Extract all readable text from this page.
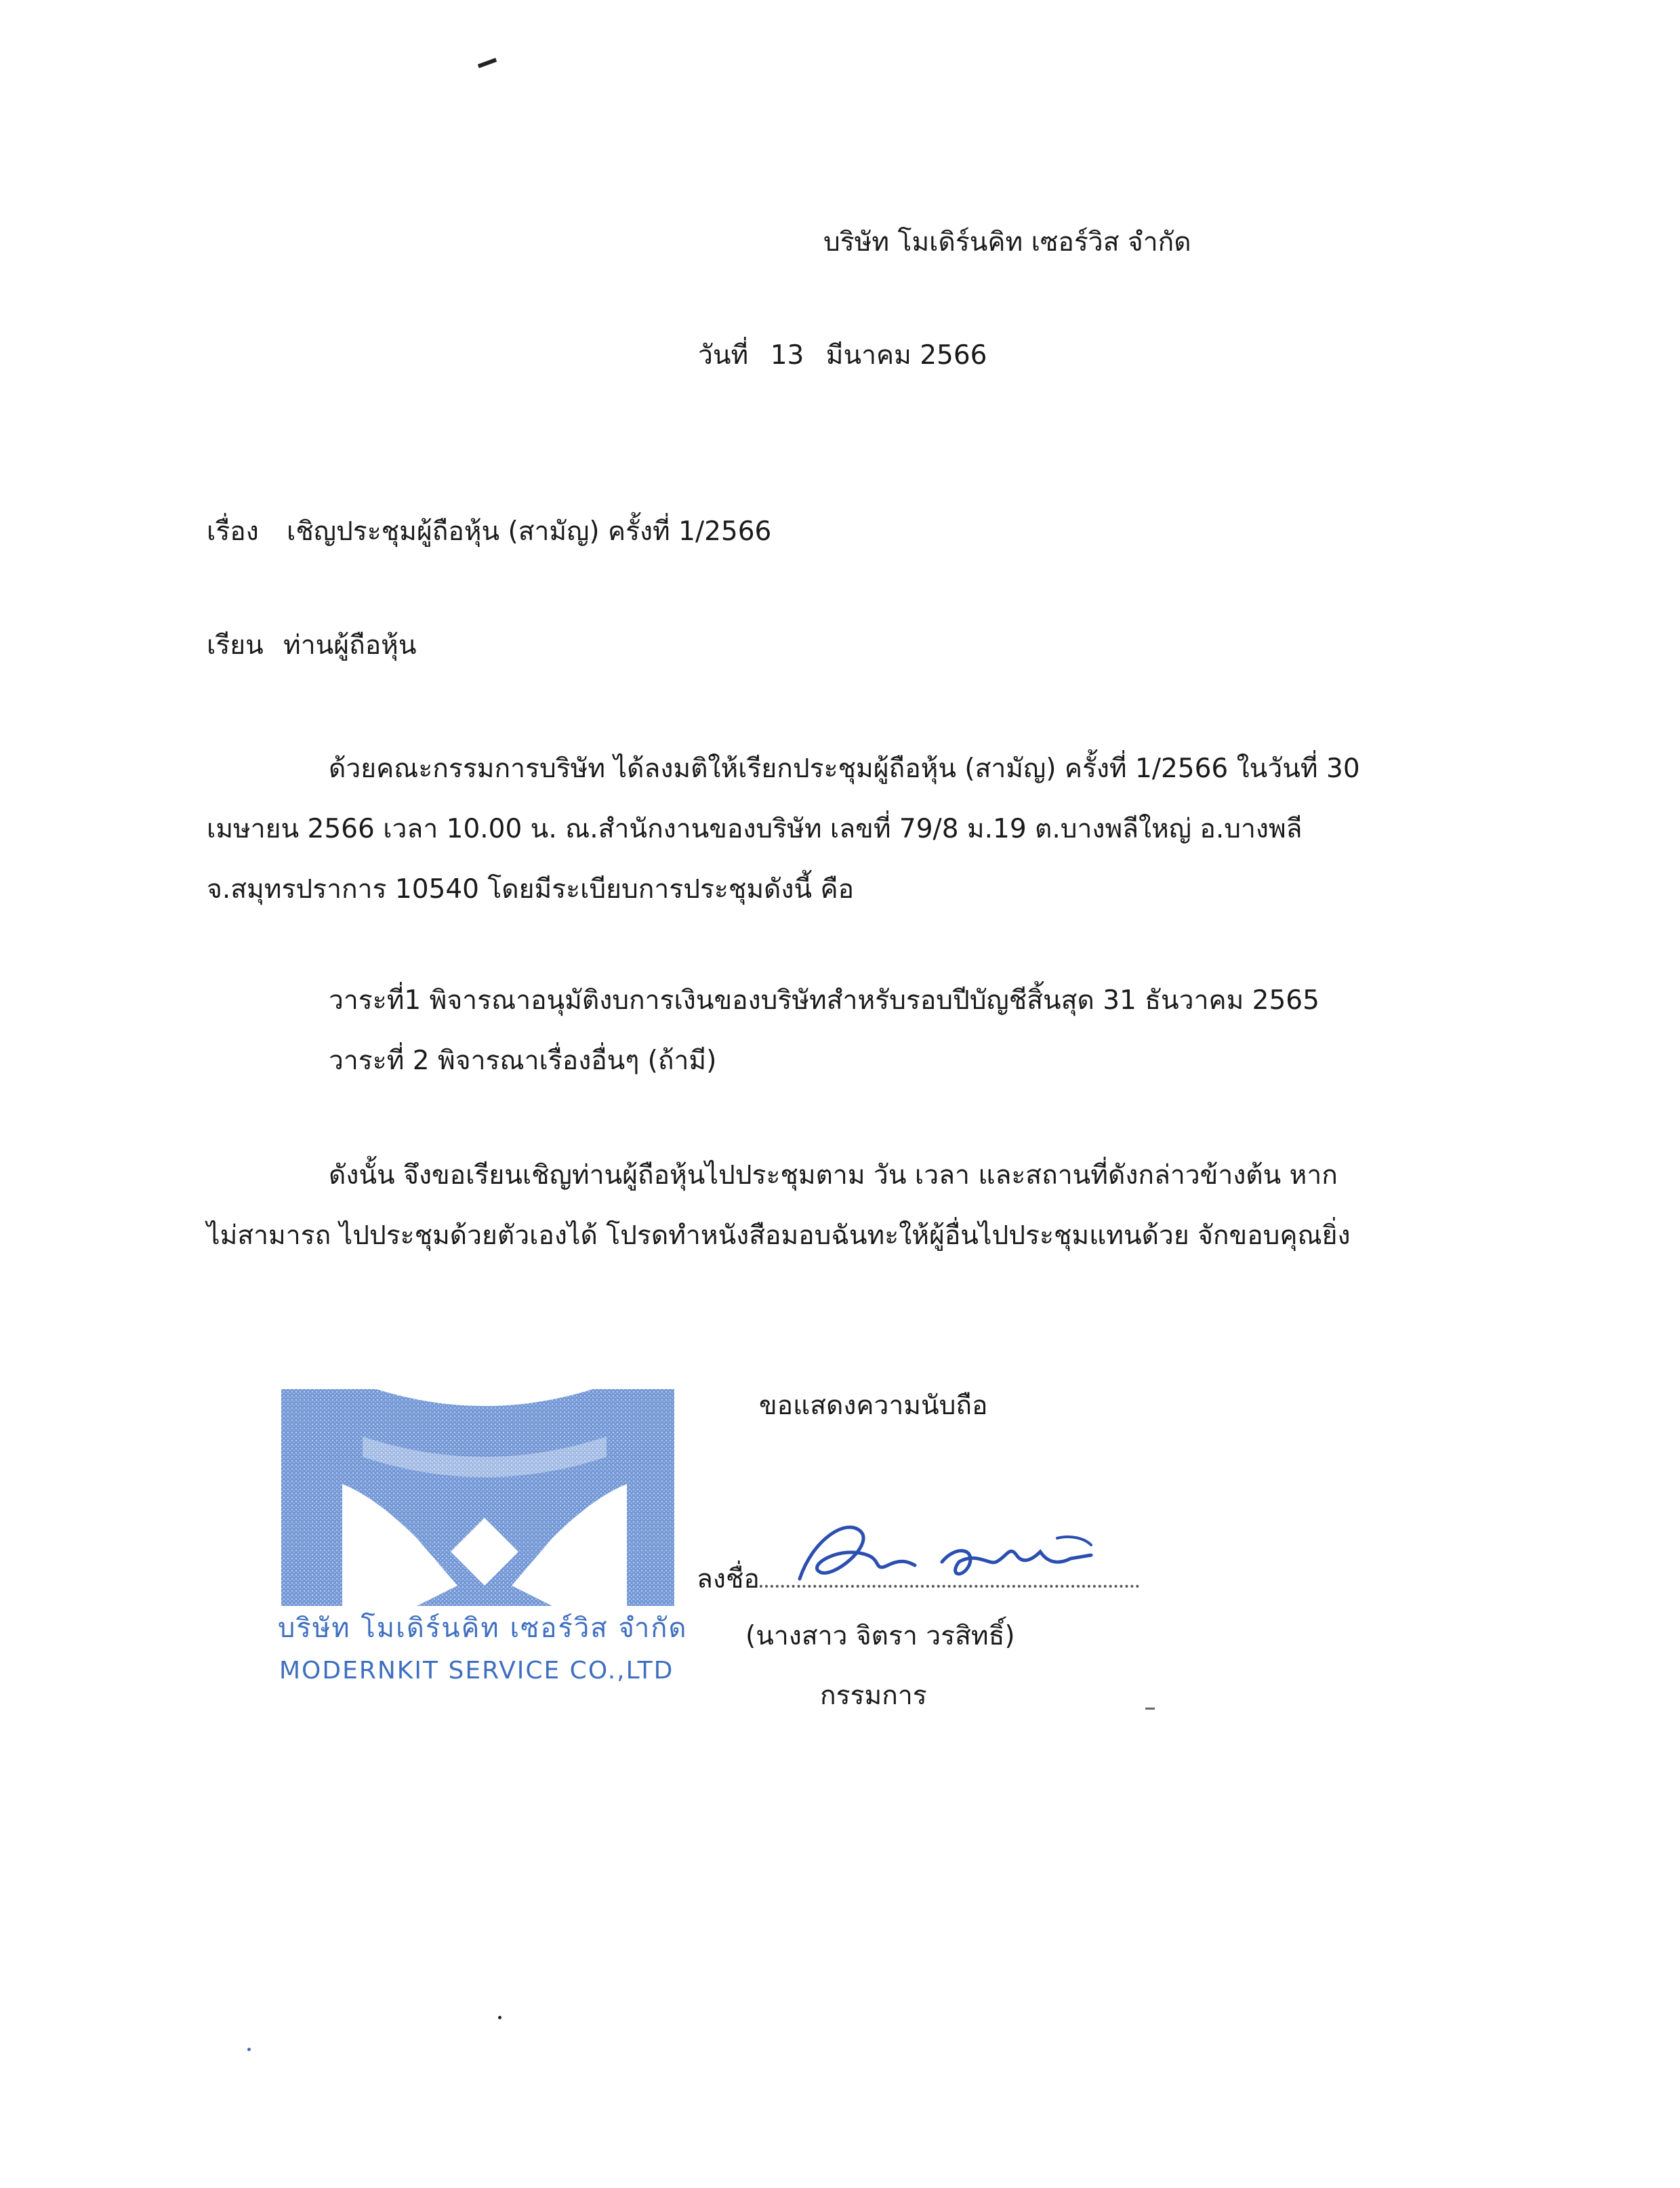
บริษัท โมเดิร์นคิท เซอร์วิส จำกัด
วันที่ 13 มีนาคม 2566
เรื่อง เชิญประชุมผู้ถือหุ้น (สามัญ) ครั้งที่ 1/2566
เรียน ท่านผู้ถือหุ้น
ด้วยคณะกรรมการบริษัท ได้ลงมติให้เรียกประชุมผู้ถือหุ้น (สามัญ) ครั้งที่ 1/2566 ในวันที่ 30
เมษายน 2566 เวลา 10.00 น. ณ.สำนักงานของบริษัท เลขที่ 79/8 ม.19 ต.บางพลีใหญ่ อ.บางพลี
จ.สมุทรปราการ 10540 โดยมีระเบียบการประชุมดังนี้ คือ
วาระที่1 พิจารณาอนุมัติงบการเงินของบริษัทสำหรับรอบปีบัญชีสิ้นสุด 31 ธันวาคม 2565
วาระที่ 2 พิจารณาเรื่องอื่นๆ (ถ้ามี)
ดังนั้น จึงขอเรียนเชิญท่านผู้ถือหุ้นไปประชุมตาม วัน เวลา และสถานที่ดังกล่าวข้างต้น หาก
ไม่สามารถ ไปประชุมด้วยตัวเองได้ โปรดทำหนังสือมอบฉันทะให้ผู้อื่นไปประชุมแทนด้วย จักขอบคุณยิ่ง
ขอแสดงความนับถือ
บริษัท โมเดิร์นคิท เซอร์วิส จำกัด
MODERNKIT SERVICE CO.,LTD
ลงชื่อ
(นางสาว จิตรา วรสิทธิ์)
กรรมการ
